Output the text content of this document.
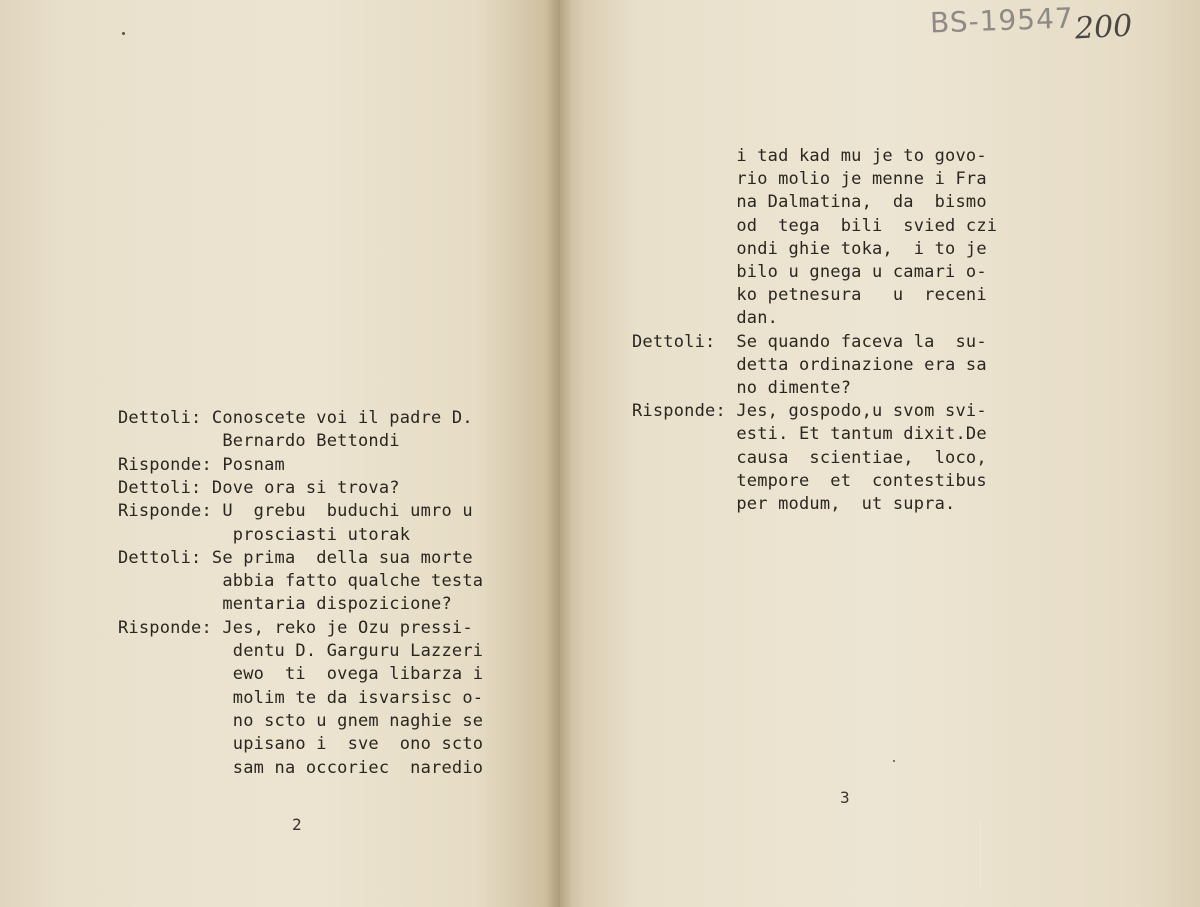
Dettoli: Conoscete voi il padre D.
Bernardo Bettondi
Risponde: Posnam
Dettoli: Dove ora si trova?
Risponde: U  grebu  buduchi umro u
prosciasti utorak
Dettoli: Se prima  della sua morte
abbia fatto qualche testa
mentaria dispozicione?
Risponde: Jes, reko je Ozu pressi-
dentu D. Garguru Lazzeri
ewo  ti  ovega libarza i
molim te da isvarsisc o-
no scto u gnem naghie se
upisano i  sve  ono scto
sam na occoriec  naredio
2
i tad kad mu je to govo-
rio molio je menne i Fra
na Dalmatina,  da  bismo
od  tega  bili  svied czi
ondi ghie toka,  i to je
bilo u gnega u camari o-
ko petnesura   u  receni
dan.
Dettoli:  Se quando faceva la  su-
detta ordinazione era sa
no dimente?
Risponde: Jes, gospodo,u svom svi-
esti. Et tantum dixit.De
causa  scientiae,  loco,
tempore  et  contestibus
per modum,  ut supra.
3
BS-19547 200
